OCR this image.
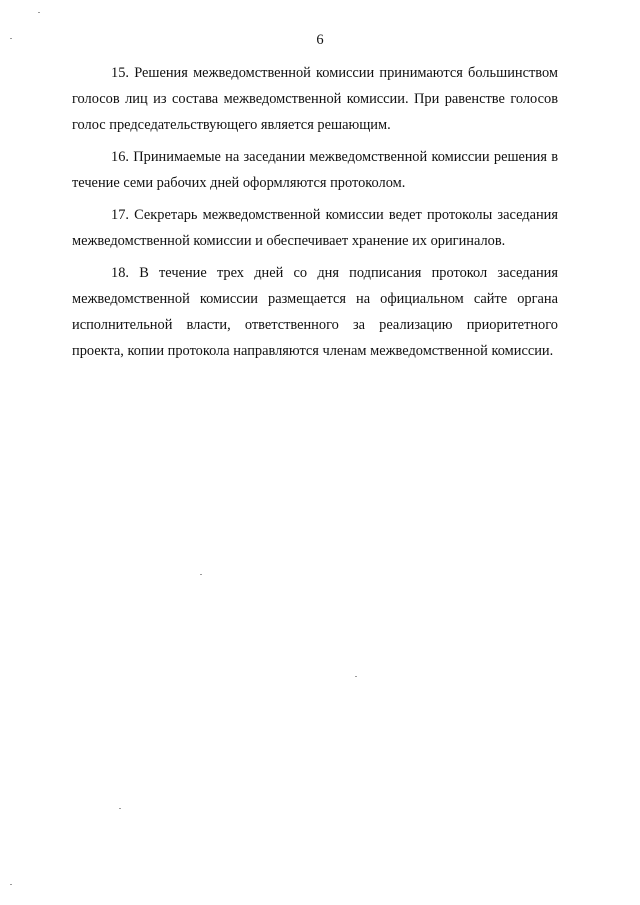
6

15. Решения межведомственной комиссии принимаются большинством голосов лиц из состава межведомственной комиссии. При равенстве голосов голос председательствующего является решающим.

16. Принимаемые на заседании межведомственной комиссии решения в течение семи рабочих дней оформляются протоколом.

17. Секретарь межведомственной комиссии ведет протоколы заседания межведомственной комиссии и обеспечивает хранение их оригиналов.

18. В течение трех дней со дня подписания протокол заседания межведомственной комиссии размещается на официальном сайте органа исполнительной власти, ответственного за реализацию приоритетного проекта, копии протокола направляются членам межведомственной комиссии.
